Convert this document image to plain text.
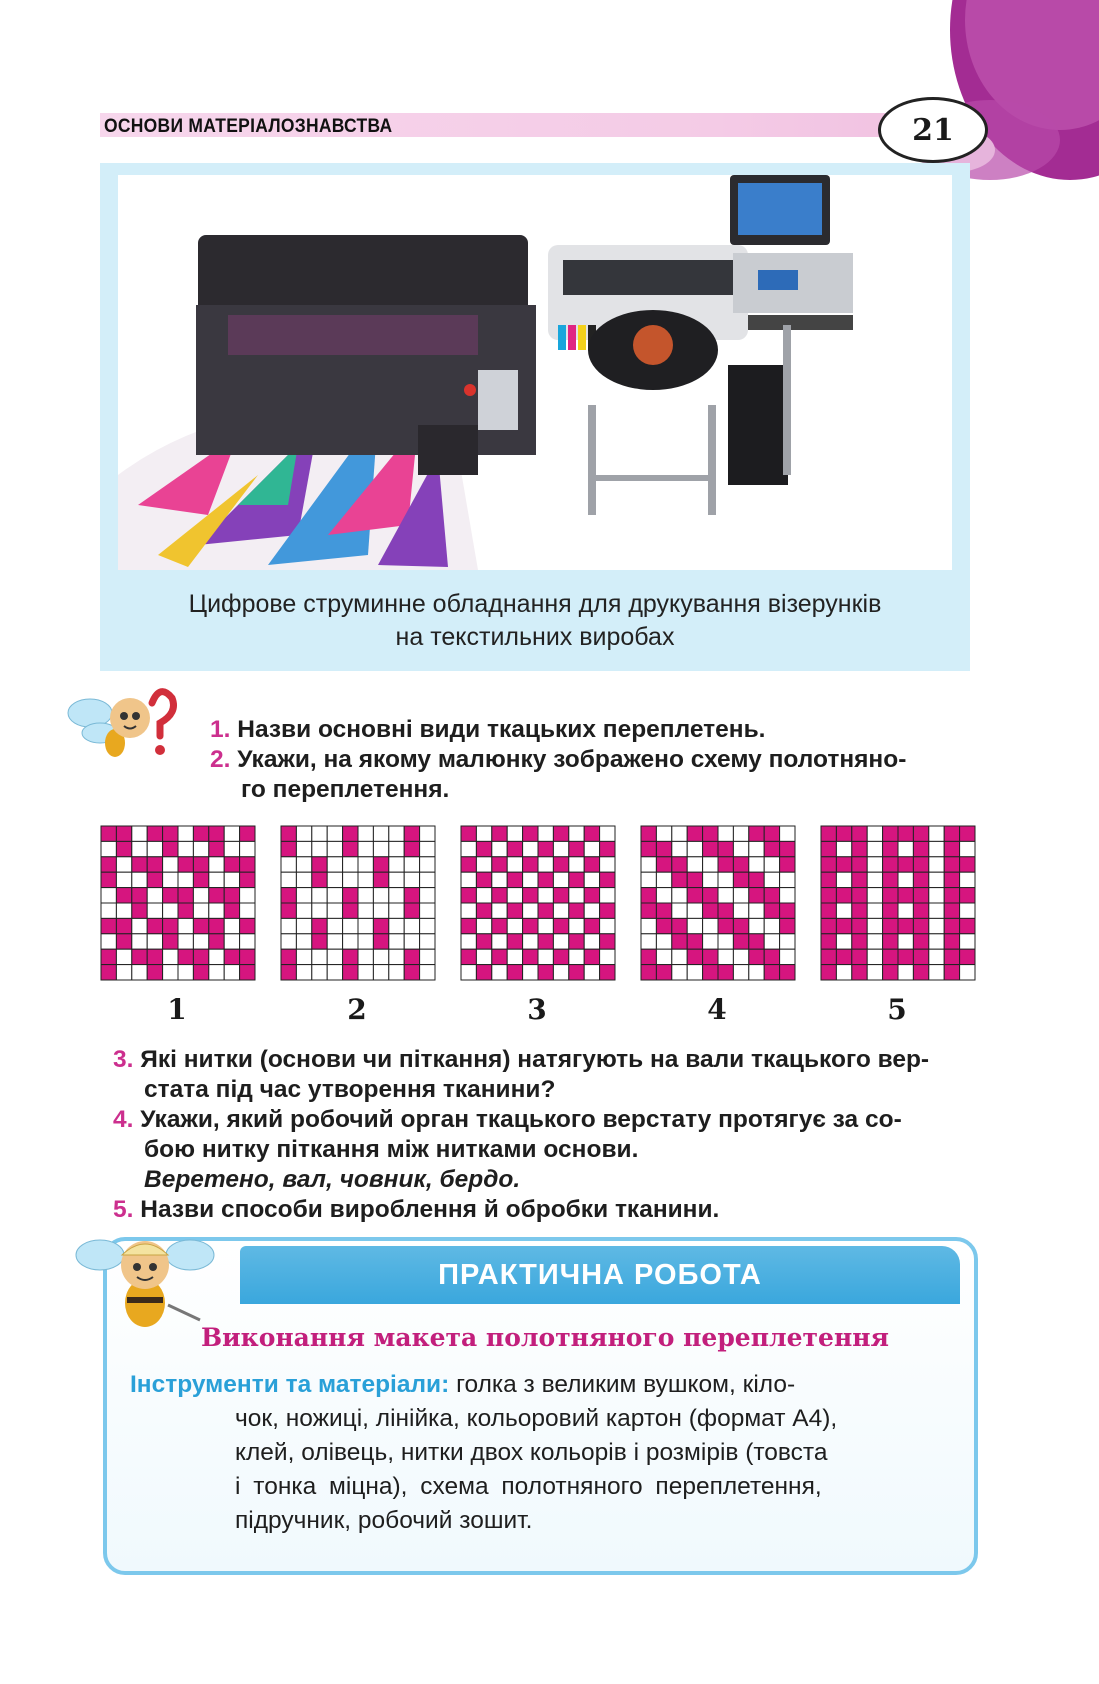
ОСНОВИ МАТЕРІАЛОЗНАВСТВА	21
Цифрове струминне обладнання для друкування візерунків
на текстильних виробах
1. Назви основні види ткацьких переплетень.
2. Укажи, на якому малюнку зображено схему полотняно-
го переплетення.
1	2	3	4	5
3. Які нитки (основи чи піткання) натягують на вали ткацького вер-
стата під час утворення тканини?
4. Укажи, який робочий орган ткацького верстату протягує за со-
бою нитку піткання між нитками основи.
Веретено, вал, човник, бердо.
5. Назви способи вироблення й обробки тканини.
ПРАКТИЧНА РОБОТА
Виконання макета полотняного переплетення
Інструменти та матеріали: голка з великим вушком, кіло-
чок, ножиці, лінійка, кольоровий картон (формат А4),
клей, олівець, нитки двох кольорів і розмірів (товста
і тонка міцна), схема полотняного переплетення,
підручник, робочий зошит.
